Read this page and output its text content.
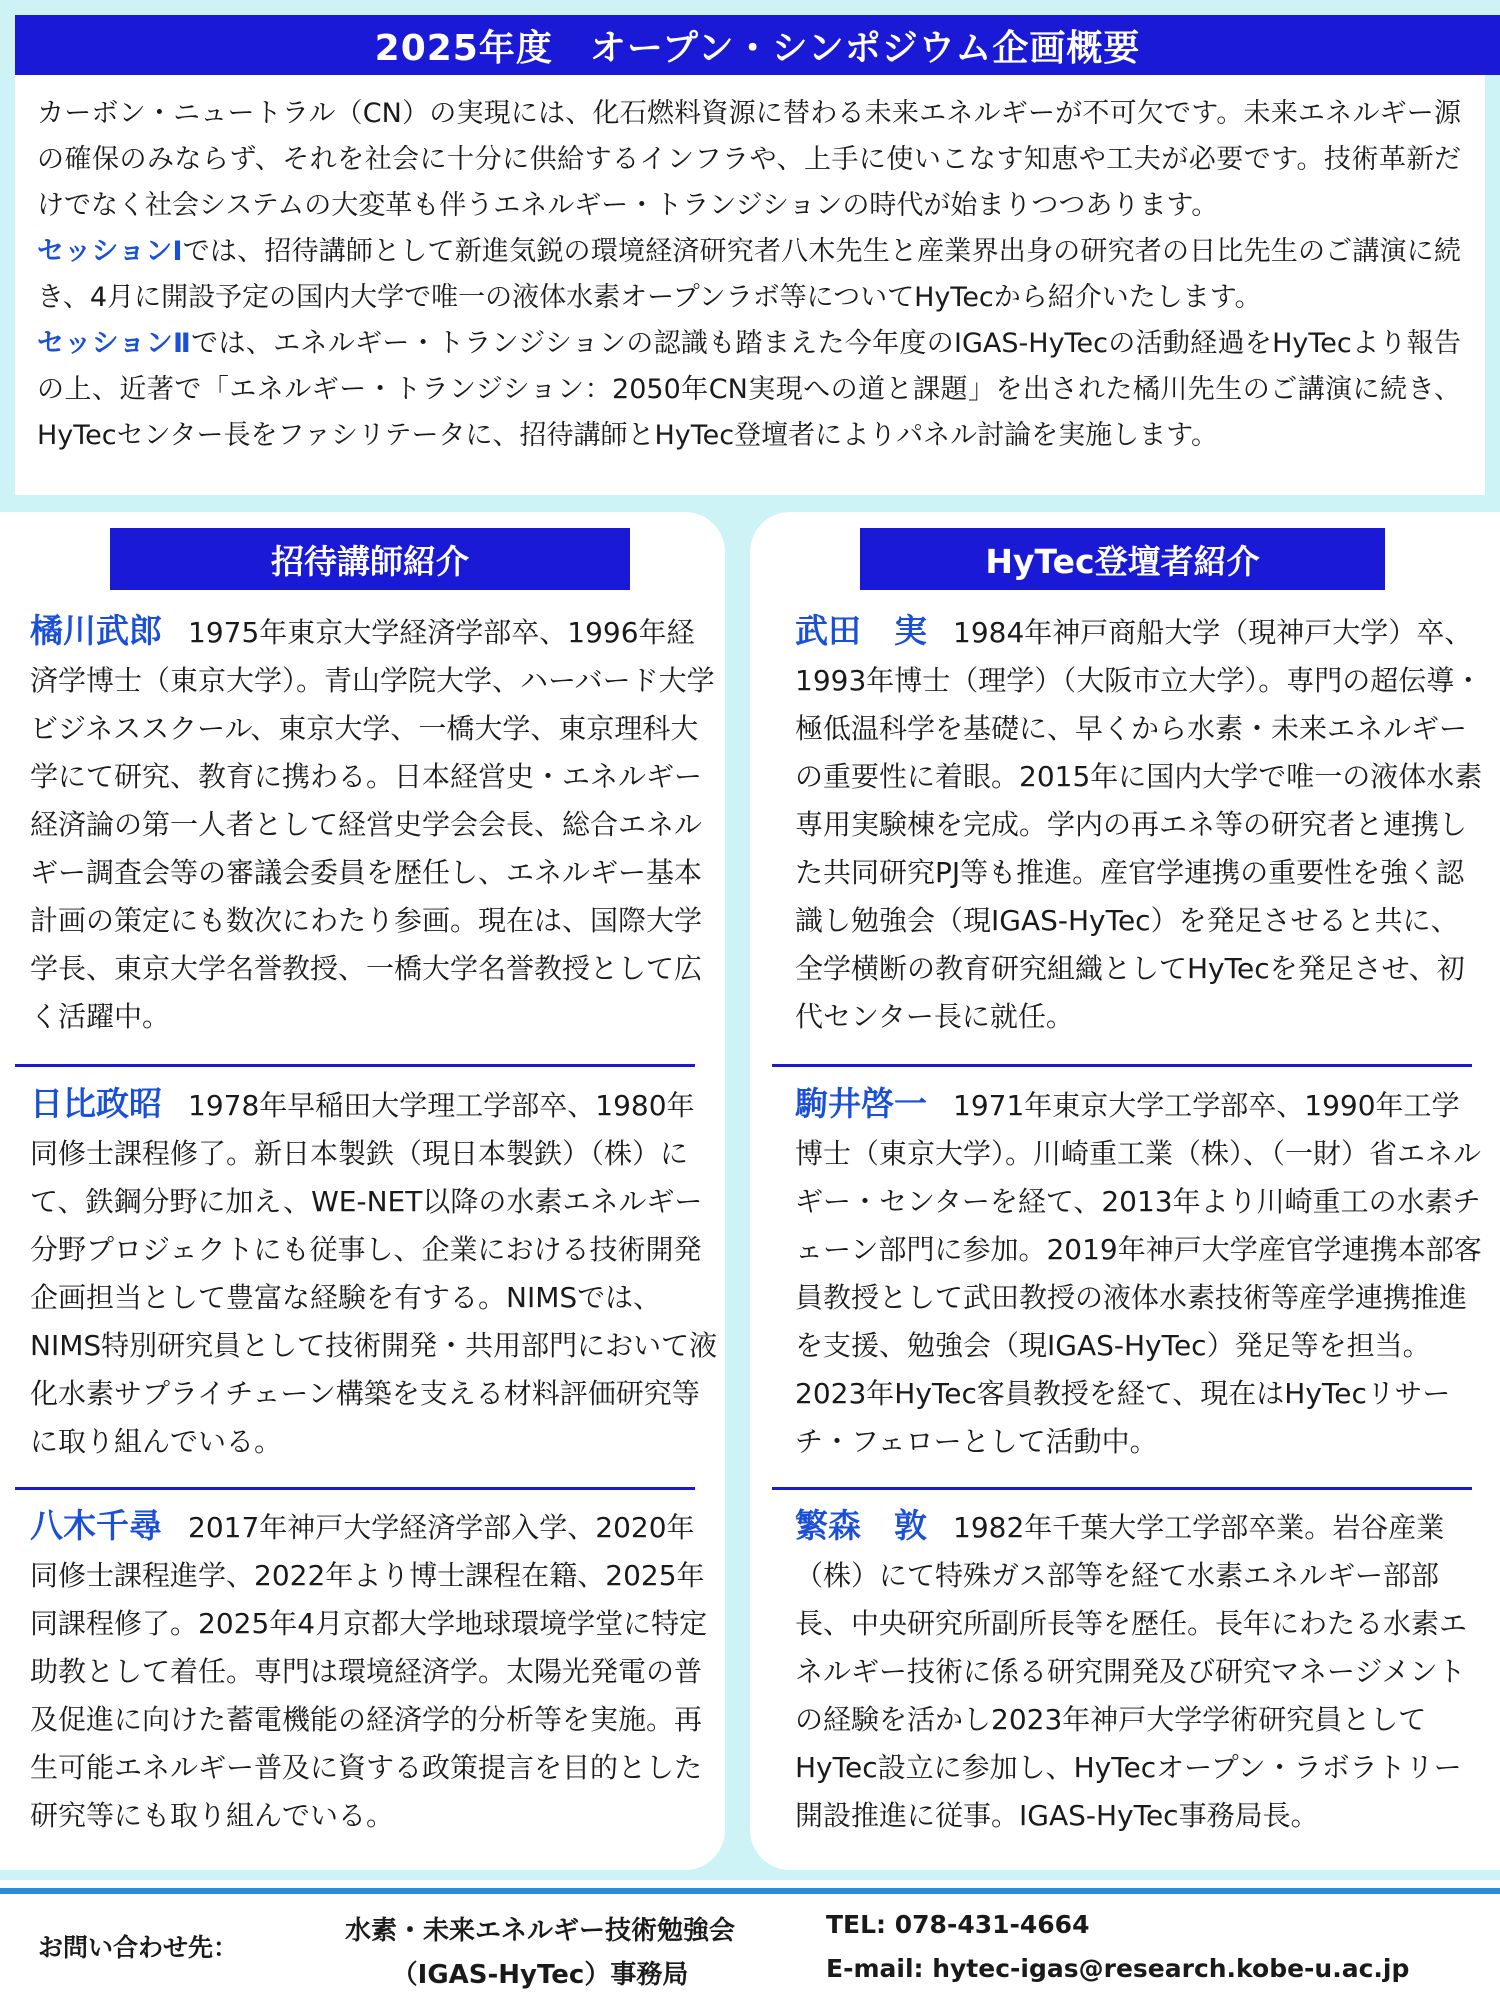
2025年度　オープン・シンポジウム企画概要

カーボン・ニュートラル（CN）の実現には、化石燃料資源に替わる未来エネルギーが不可欠です。未来エネルギー源の確保のみならず、それを社会に十分に供給するインフラや、上手に使いこなす知恵や工夫が必要です。技術革新だけでなく社会システムの大変革も伴うエネルギー・トランジションの時代が始まりつつあります。
セッションⅠでは、招待講師として新進気鋭の環境経済研究者八木先生と産業界出身の研究者の日比先生のご講演に続き、4月に開設予定の国内大学で唯一の液体水素オープンラボ等についてHyTecから紹介いたします。
セッションⅡでは、エネルギー・トランジションの認識も踏まえた今年度のIGAS-HyTecの活動経過をHyTecより報告の上、近著で「エネルギー・トランジション：2050年CN実現への道と課題」を出された橘川先生のご講演に続き、HyTecセンター長をファシリテータに、招待講師とHyTec登壇者によりパネル討論を実施します。

招待講師紹介
橘川武郎 1975年東京大学経済学部卒、1996年経済学博士（東京大学）。青山学院大学、ハーバード大学ビジネススクール、東京大学、一橋大学、東京理科大学にて研究、教育に携わる。日本経営史・エネルギー経済論の第一人者として経営史学会会長、総合エネルギー調査会等の審議会委員を歴任し、エネルギー基本計画の策定にも数次にわたり参画。現在は、国際大学学長、東京大学名誉教授、一橋大学名誉教授として広く活躍中。
日比政昭 1978年早稲田大学理工学部卒、1980年同修士課程修了。新日本製鉄（現日本製鉄）（株）にて、鉄鋼分野に加え、WE-NET以降の水素エネルギー分野プロジェクトにも従事し、企業における技術開発企画担当として豊富な経験を有する。NIMSでは、NIMS特別研究員として技術開発・共用部門において液化水素サプライチェーン構築を支える材料評価研究等に取り組んでいる。
八木千尋 2017年神戸大学経済学部入学、2020年同修士課程進学、2022年より博士課程在籍、2025年同課程修了。2025年4月京都大学地球環境学堂に特定助教として着任。専門は環境経済学。太陽光発電の普及促進に向けた蓄電機能の経済学的分析等を実施。再生可能エネルギー普及に資する政策提言を目的とした研究等にも取り組んでいる。
HyTec登壇者紹介
武田　実 1984年神戸商船大学（現神戸大学）卒、1993年博士（理学）（大阪市立大学）。専門の超伝導・極低温科学を基礎に、早くから水素・未来エネルギーの重要性に着眼。2015年に国内大学で唯一の液体水素専用実験棟を完成。学内の再エネ等の研究者と連携した共同研究PJ等も推進。産官学連携の重要性を強く認識し勉強会（現IGAS-HyTec）を発足させると共に、全学横断の教育研究組織としてHyTecを発足させ、初代センター長に就任。
駒井啓一 1971年東京大学工学部卒、1990年工学博士（東京大学）。川崎重工業（株）、（一財）省エネルギー・センターを経て、2013年より川崎重工の水素チェーン部門に参加。2019年神戸大学産官学連携本部客員教授として武田教授の液体水素技術等産学連携推進を支援、勉強会（現IGAS-HyTec）発足等を担当。2023年HyTec客員教授を経て、現在はHyTecリサーチ・フェローとして活動中。
繁森　敦 1982年千葉大学工学部卒業。岩谷産業（株）にて特殊ガス部等を経て水素エネルギー部部長、中央研究所副所長等を歴任。長年にわたる水素エネルギー技術に係る研究開発及び研究マネージメントの経験を活かし2023年神戸大学学術研究員としてHyTec設立に参加し、HyTecオープン・ラボラトリー開設推進に従事。IGAS-HyTec事務局長。
お問い合わせ先：
水素・未来エネルギー技術勉強会
（IGAS-HyTec）事務局
TEL: 078-431-4664
E-mail: hytec-igas@research.kobe-u.ac.jp
